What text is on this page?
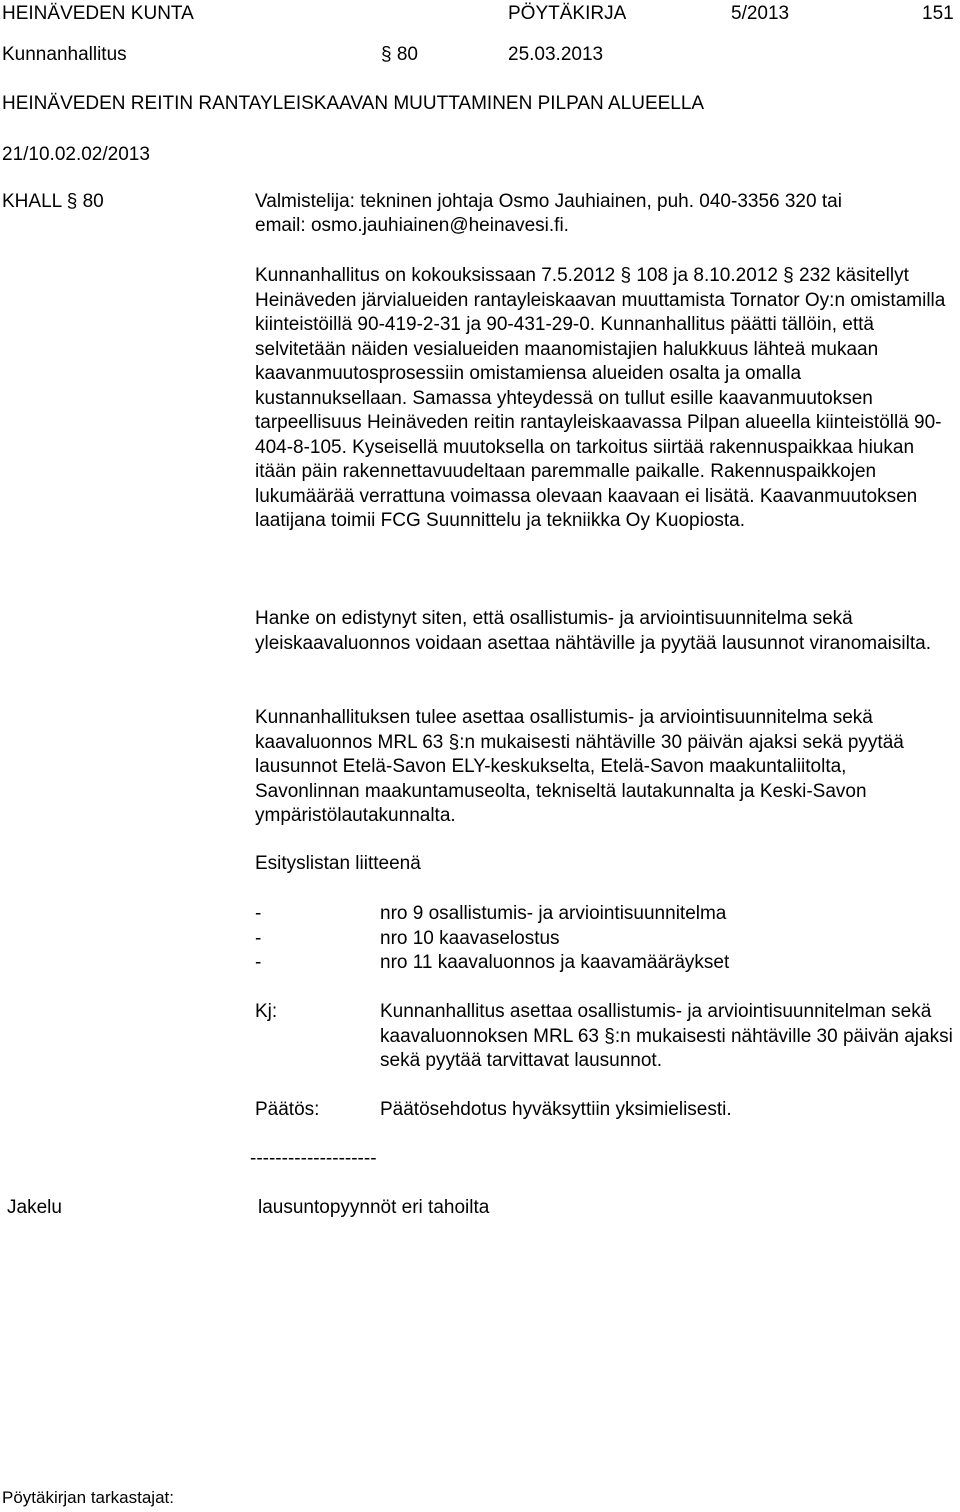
HEINÄVEDEN KUNTA	PÖYTÄKIRJA	5/2013	151
Kunnanhallitus	§ 80	25.03.2013
HEINÄVEDEN REITIN RANTAYLEISKAAVAN MUUTTAMINEN PILPAN ALUEELLA
21/10.02.02/2013
KHALL § 80	Valmistelija: tekninen johtaja Osmo Jauhiainen, puh. 040-3356 320 tai
email: osmo.jauhiainen@heinavesi.fi.

Kunnanhallitus on kokouksissaan 7.5.2012 § 108 ja 8.10.2012 § 232 käsitellyt Heinäveden järvialueiden rantayleiskaavan muuttamista Tornator Oy:n omistamilla kiinteistöillä 90-419-2-31 ja 90-431-29-0. Kunnanhallitus päätti tällöin, että selvitetään näiden vesialueiden maanomistajien halukkuus lähteä mukaan kaavanmuutosprosessiin omistamiensa alueiden osalta ja omalla kustannuksellaan. Samassa yhteydessä on tullut esille kaavanmuutoksen tarpeellisuus Heinäveden reitin rantayleiskaavassa Pilpan alueella kiinteistöllä 90-404-8-105. Kyseisellä muutoksella on tarkoitus siirtää rakennuspaikkaa hiukan itään päin rakennettavuudeltaan paremmalle paikalle. Rakennuspaikkojen lukumäärää verrattuna voimassa olevaan kaavaan ei lisätä. Kaavanmuutoksen laatijana toimii FCG Suunnittelu ja tekniikka Oy Kuopiosta.

Hanke on edistynyt siten, että osallistumis- ja arviointisuunnitelma sekä yleiskaavaluonnos voidaan asettaa nähtäville ja pyytää lausunnot viranomaisilta.

Kunnanhallituksen tulee asettaa osallistumis- ja arviointisuunnitelma sekä kaavaluonnos MRL 63 §:n mukaisesti nähtäville 30 päivän ajaksi sekä pyytää lausunnot Etelä-Savon ELY-keskukselta, Etelä-Savon maakuntaliitolta, Savonlinnan maakuntamuseolta, tekniseltä lautakunnalta ja Keski-Savon ympäristölautakunnalta.

Esityslistan liitteenä
-	nro 9 osallistumis- ja arviointisuunnitelma
-	nro 10 kaavaselostus
-	nro 11 kaavaluonnos ja kaavamääräykset
Kj:	Kunnanhallitus asettaa osallistumis- ja arviointisuunnitelman sekä kaavaluonnoksen MRL 63 §:n mukaisesti nähtäville 30 päivän ajaksi sekä pyytää tarvittavat lausunnot.
Päätös:	Päätösehdotus hyväksyttiin yksimielisesti.
--------------------
Jakelu	lausuntopyynnöt eri tahoilta
Pöytäkirjan tarkastajat:
